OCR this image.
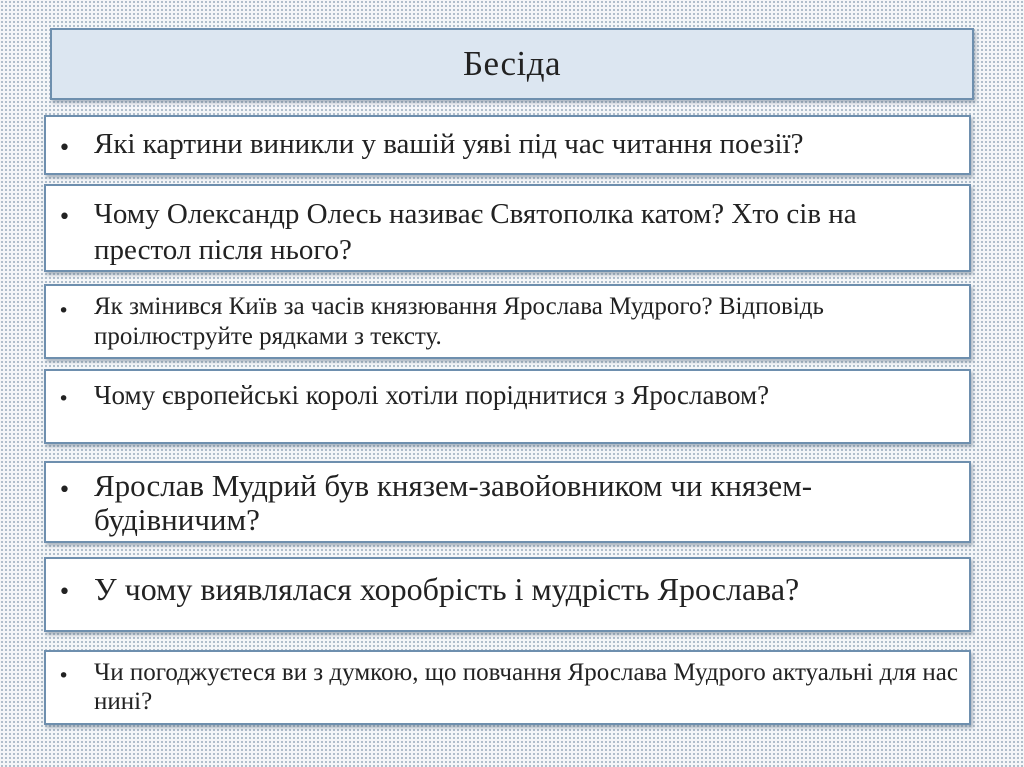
Бесіда
• Які картини виникли у вашій уяві під час читання поезії?
• Чому Олександр Олесь називає Святополка катом? Хто сів на престол після нього?
• Як змінився Київ за часів князювання Ярослава Мудрого? Відповідь проілюструйте рядками з тексту.
• Чому європейські королі хотіли поріднитися з Ярославом?
• Ярослав Мудрий був князем-завойовником чи князем-будівничим?
• У чому виявлялася хоробрість і мудрість Ярослава?
• Чи погоджуєтеся ви з думкою, що повчання Ярослава Мудрого актуальні для нас нині?
